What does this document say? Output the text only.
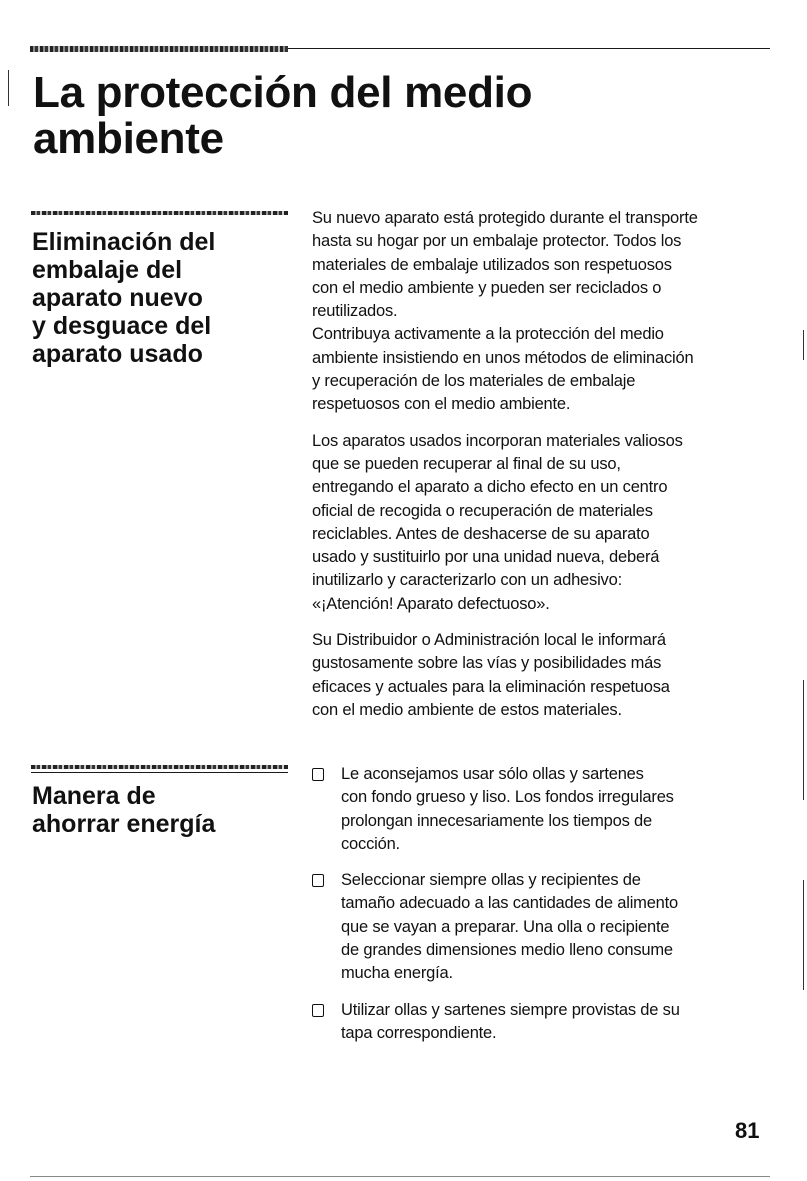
La protección del medio
ambiente
Eliminación del
embalaje del
aparato nuevo
y desguace del
aparato usado

Su nuevo aparato está protegido durante el transporte
hasta su hogar por un embalaje protector. Todos los
materiales de embalaje utilizados son respetuosos
con el medio ambiente y pueden ser reciclados o
reutilizados.
Contribuya activamente a la protección del medio
ambiente insistiendo en unos métodos de eliminación
y recuperación de los materiales de embalaje
respetuosos con el medio ambiente.

Los aparatos usados incorporan materiales valiosos
que se pueden recuperar al final de su uso,
entregando el aparato a dicho efecto en un centro
oficial de recogida o recuperación de materiales
reciclables. Antes de deshacerse de su aparato
usado y sustituirlo por una unidad nueva, deberá
inutilizarlo y caracterizarlo con un adhesivo:
«¡Atención! Aparato defectuoso».

Su Distribuidor o Administración local le informará
gustosamente sobre las vías y posibilidades más
eficaces y actuales para la eliminación respetuosa
con el medio ambiente de estos materiales.

Manera de
ahorrar energía
Le aconsejamos usar sólo ollas y sartenes
con fondo grueso y liso. Los fondos irregulares
prolongan innecesariamente los tiempos de
cocción.
Seleccionar siempre ollas y recipientes de
tamaño adecuado a las cantidades de alimento
que se vayan a preparar. Una olla o recipiente
de grandes dimensiones medio lleno consume
mucha energía.
Utilizar ollas y sartenes siempre provistas de su
tapa correspondiente.
81
